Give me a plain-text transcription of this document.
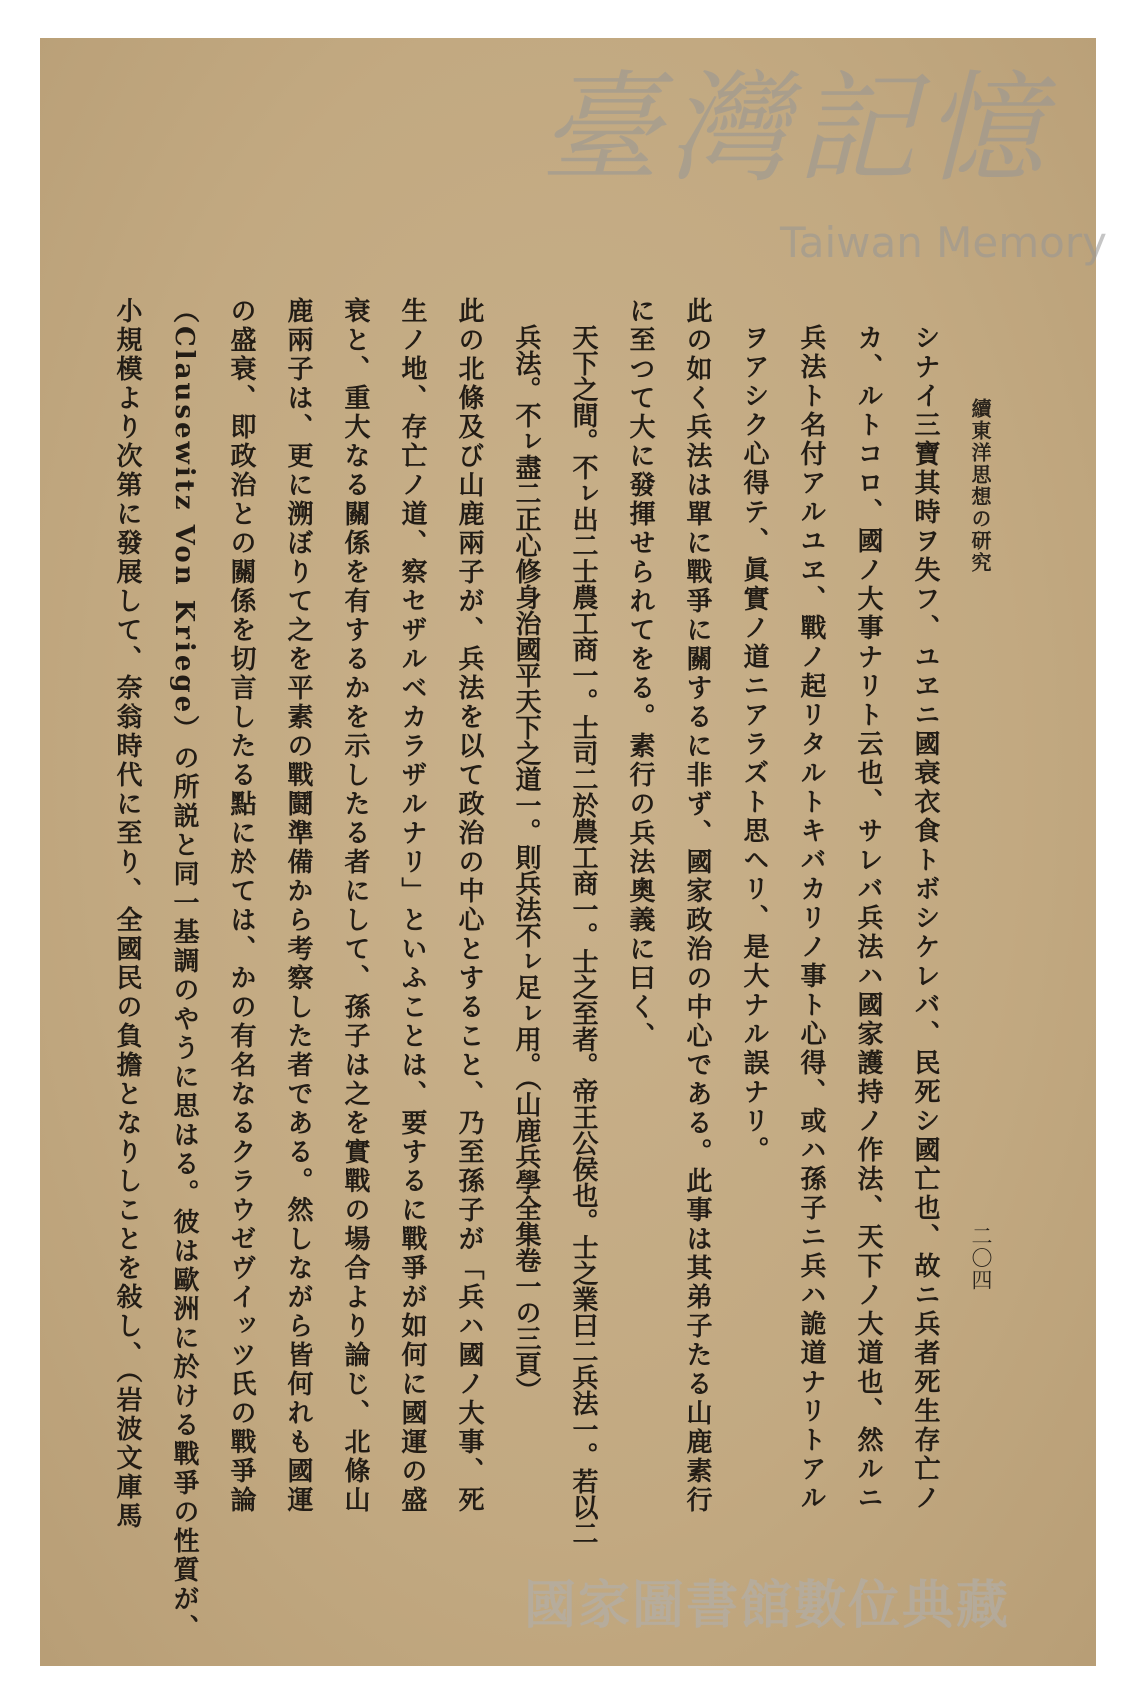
續東洋思想の研究
二〇四
シナイ三寶其時ヲ失フ、ユヱニ國衰衣食トボシケレバ、民死シ國亡也、故ニ兵者死生存亡ノ
カ、ルトコロ、國ノ大事ナリト云也、サレバ兵法ハ國家護持ノ作法、天下ノ大道也、然ルニ
兵法ト名付アルユヱ、戰ノ起リタルトキバカリノ事ト心得、或ハ孫子ニ兵ハ詭道ナリトアル
ヲアシク心得テ、眞實ノ道ニアラズト思ヘリ、是大ナル誤ナリ。
此の如く兵法は單に戰爭に關するに非ず、國家政治の中心である。此事は其弟子たる山鹿素行
に至つて大に發揮せられてをる。素行の兵法奧義に曰く、
天下之間。不ㇾ出二士農工商一。士司二於農工商一。士之至者。帝王公侯也。士之業曰二兵法一。若以二
兵法。不ㇾ盡二正心修身治國平天下之道一。則兵法不ㇾ足ㇾ用。（山鹿兵學全集卷一の三頁）
此の北條及び山鹿兩子が、兵法を以て政治の中心とすること、乃至孫子が「兵ハ國ノ大事、死
生ノ地、存亡ノ道、察セザルベカラザルナリ」といふことは、要するに戰爭が如何に國運の盛
衰と、重大なる關係を有するかを示したる者にして、孫子は之を實戰の場合より論じ、北條山
鹿兩子は、更に溯ぼりて之を平素の戰鬪準備から考察した者である。然しながら皆何れも國運
の盛衰、即政治との關係を切言したる點に於ては、かの有名なるクラウゼヴイッツ氏の戰爭論
（Clausewitz Von Kriege）の所説と同一基調のやうに思はる。彼は歐洲に於ける戰爭の性質が、
小規模より次第に發展して、奈翁時代に至り、全國民の負擔となりしことを敍し、（岩波文庫馬
臺灣記憶
Taiwan Memory
國家圖書館數位典藏
